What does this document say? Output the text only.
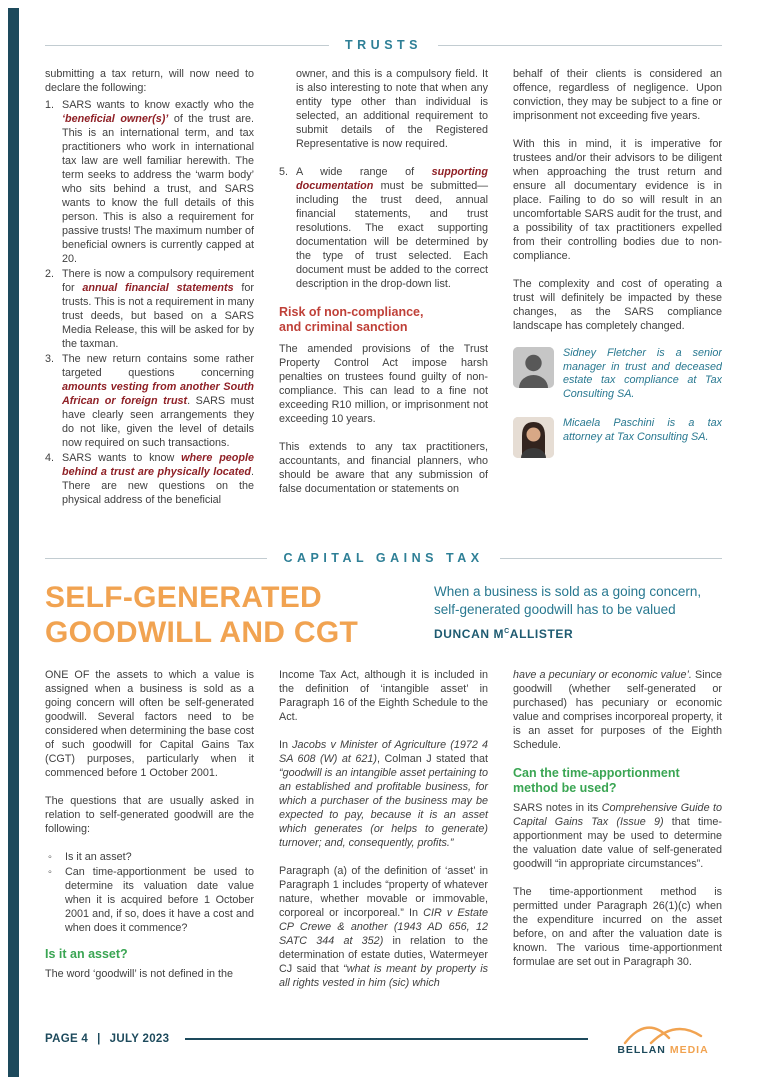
TRUSTS

submitting a tax return, will now need to declare the following:

1. SARS wants to know exactly who the ‘beneficial owner(s)’ of the trust are. This is an international term, and tax practitioners who work in international tax law are well familiar herewith. The term seeks to address the ‘warm body’ who sits behind a trust, and SARS wants to know the full details of this person. This is also a requirement for passive trusts! The maximum number of beneficial owners is currently capped at 20.
2. There is now a compulsory requirement for annual financial statements for trusts. This is not a requirement in many trust deeds, but based on a SARS Media Release, this will be asked for by the taxman.
3. The new return contains some rather targeted questions concerning amounts vesting from another South African or foreign trust. SARS must have clearly seen arrangements they do not like, given the level of details now required on such transactions.
4. SARS wants to know where people behind a trust are physically located. There are new questions on the physical address of the beneficial
owner, and this is a compulsory field. It is also interesting to note that when any entity type other than individual is selected, an additional requirement to submit details of the Registered Representative is now required.
5. A wide range of supporting documentation must be submitted—including the trust deed, annual financial statements, and trust resolutions. The exact supporting documentation will be determined by the type of trust selected. Each document must be added to the correct description in the drop-down list.
Risk of non-compliance,
and criminal sanction

The amended provisions of the Trust Property Control Act impose harsh penalties on trustees found guilty of non-compliance. This can lead to a fine not exceeding R10 million, or imprisonment not exceeding 10 years.

This extends to any tax practitioners, accountants, and financial planners, who should be aware that any submission of false documentation or statements on

behalf of their clients is considered an offence, regardless of negligence. Upon conviction, they may be subject to a fine or imprisonment not exceeding five years.

With this in mind, it is imperative for trustees and/or their advisors to be diligent when approaching the trust return and ensure all documentary evidence is in place. Failing to do so will result in an uncomfortable SARS audit for the trust, and a possibility of tax practitioners expelled from their controlling bodies due to non-compliance.

The complexity and cost of operating a trust will definitely be impacted by these changes, as the SARS compliance landscape has completely changed.

Sidney Fletcher is a senior manager in trust and deceased estate tax compliance at Tax Consulting SA.

Micaela Paschini is a tax attorney at Tax Consulting SA.

CAPITAL GAINS TAX
SELF-GENERATED
GOODWILL AND CGT

When a business is sold as a going concern,
self-generated goodwill has to be valued

DUNCAN $M^CALLISTER$

ONE OF the assets to which a value is assigned when a business is sold as a going concern will often be self-generated goodwill. Several factors need to be considered when determining the base cost of such goodwill for Capital Gains Tax (CGT) purposes, particularly when it commenced before 1 October 2001.

The questions that are usually asked in relation to self-generated goodwill are the following:

◦	Is it an asset?
◦	Can time-apportionment be used to determine its valuation date value when it is acquired before 1 October 2001 and, if so, does it have a cost and when does it commence?
Is it an asset?

The word ‘goodwill’ is not defined in the

Income Tax Act, although it is included in the definition of ‘intangible asset’ in Paragraph 16 of the Eighth Schedule to the Act.

In Jacobs v Minister of Agriculture (1972 4 SA 608 (W) at 621), Colman J stated that “goodwill is an intangible asset pertaining to an established and profitable business, for which a purchaser of the business may be expected to pay, because it is an asset which generates (or helps to generate) turnover; and, consequently, profits.”

Paragraph (a) of the definition of ‘asset’ in Paragraph 1 includes “property of whatever nature, whether movable or immovable, corporeal or incorporeal.” In CIR v Estate CP Crewe & another (1943 AD 656, 12 SATC 344 at 352) in relation to the determination of estate duties, Watermeyer CJ said that “what is meant by property is all rights vested in him (sic) which

have a pecuniary or economic value’. Since goodwill (whether self-generated or purchased) has pecuniary or economic value and comprises incorporeal property, it is an asset for purposes of the Eighth Schedule.

Can the time-apportionment
method be used?

SARS notes in its Comprehensive Guide to Capital Gains Tax (Issue 9) that time-apportionment may be used to determine the valuation date value of self-generated goodwill “in appropriate circumstances”.

The time-apportionment method is permitted under Paragraph 26(1)(c) when the expenditure incurred on the asset before, on and after the valuation date is known. The various time-apportionment formulae are set out in Paragraph 30.

PAGE 4 | JULY 2023
BELLAN MEDIA
